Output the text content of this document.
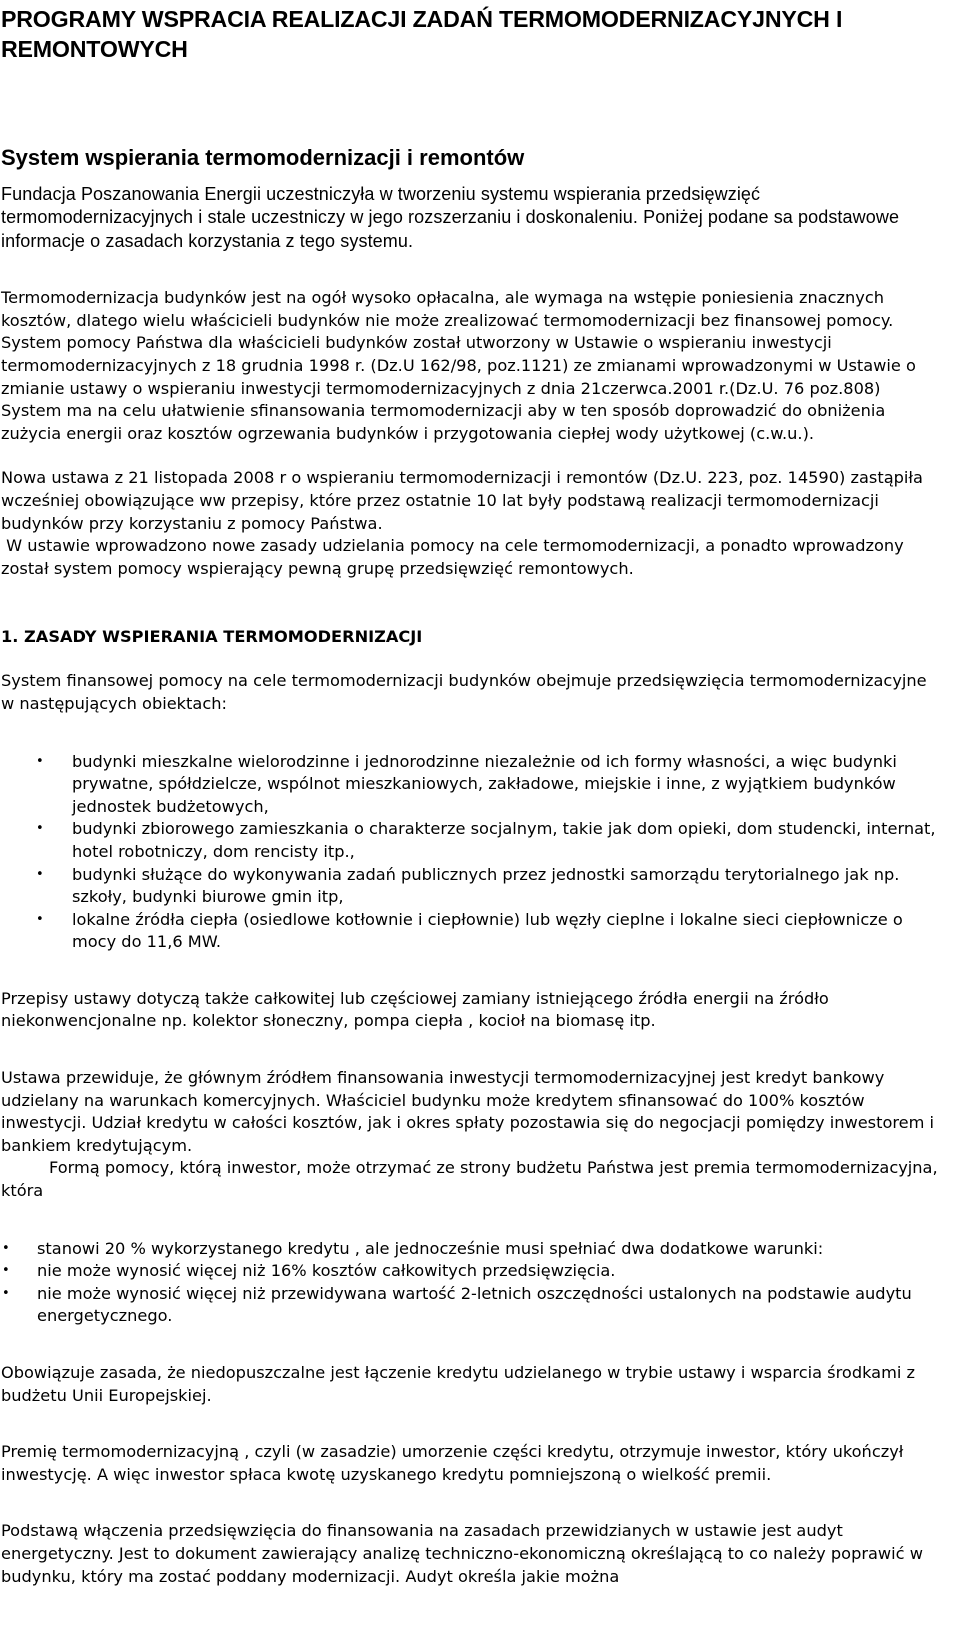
PROGRAMY WSPRACIA REALIZACJI ZADAŃ TERMOMODERNIZACYJNYCH I REMONTOWYCH
System wspierania termomodernizacji i remontów

Fundacja Poszanowania Energii uczestniczyła w tworzeniu systemu wspierania przedsięwzięć termomodernizacyjnych i stale uczestniczy w jego rozszerzaniu i doskonaleniu. Poniżej podane sa podstawowe informacje o zasadach korzystania z tego systemu.

Termomodernizacja budynków jest na ogół wysoko opłacalna, ale wymaga na wstępie poniesienia znacznych kosztów, dlatego wielu właścicieli budynków nie może zrealizować termomodernizacji bez finansowej pomocy. System pomocy Państwa dla właścicieli budynków został utworzony w Ustawie o wspieraniu inwestycji termomodernizacyjnych z 18 grudnia 1998 r. (Dz.U 162/98, poz.1121) ze zmianami wprowadzonymi w Ustawie o zmianie ustawy o wspieraniu inwestycji termomodernizacyjnych z dnia 21czerwca.2001 r.(Dz.U. 76 poz.808) System ma na celu ułatwienie sfinansowania termomodernizacji aby w ten sposób doprowadzić do obniżenia zużycia energii oraz kosztów ogrzewania budynków i przygotowania ciepłej wody użytkowej (c.w.u.).

Nowa ustawa z 21 listopada 2008 r o wspieraniu termomodernizacji i remontów (Dz.U. 223, poz. 14590) zastąpiła wcześniej obowiązujące ww przepisy, które przez ostatnie 10 lat były podstawą realizacji termomodernizacji budynków przy korzystaniu z pomocy Państwa.

W ustawie wprowadzono nowe zasady udzielania pomocy na cele termomodernizacji, a ponadto wprowadzony został system pomocy wspierający pewną grupę przedsięwzięć remontowych.

1. ZASADY WSPIERANIA TERMOMODERNIZACJI

System finansowej pomocy na cele termomodernizacji budynków obejmuje przedsięwzięcia termomodernizacyjne w następujących obiektach:

• budynki mieszkalne wielorodzinne i jednorodzinne niezależnie od ich formy własności, a więc budynki prywatne, spółdzielcze, wspólnot mieszkaniowych, zakładowe, miejskie i inne, z wyjątkiem budynków jednostek budżetowych,
• budynki zbiorowego zamieszkania o charakterze socjalnym, takie jak dom opieki, dom studencki, internat, hotel robotniczy, dom rencisty itp.,
• budynki służące do wykonywania zadań publicznych przez jednostki samorządu terytorialnego jak np. szkoły, budynki biurowe gmin itp,
• lokalne źródła ciepła (osiedlowe kotłownie i ciepłownie) lub węzły cieplne i lokalne sieci ciepłownicze o mocy do 11,6 MW.

Przepisy ustawy dotyczą także całkowitej lub częściowej zamiany istniejącego źródła energii na źródło niekonwencjonalne np. kolektor słoneczny, pompa ciepła , kocioł na biomasę itp.

Ustawa przewiduje, że głównym źródłem finansowania inwestycji termomodernizacyjnej jest kredyt bankowy udzielany na warunkach komercyjnych. Właściciel budynku może kredytem sfinansować do 100% kosztów inwestycji. Udział kredytu w całości kosztów, jak i okres spłaty pozostawia się do negocjacji pomiędzy inwestorem i bankiem kredytującym.

Formą pomocy, którą inwestor, może otrzymać ze strony budżetu Państwa jest premia termomodernizacyjna, która

• stanowi 20 % wykorzystanego kredytu , ale jednocześnie musi spełniać dwa dodatkowe warunki:
• nie może wynosić więcej niż 16% kosztów całkowitych przedsięwzięcia.
• nie może wynosić więcej niż przewidywana wartość 2-letnich oszczędności ustalonych na podstawie audytu energetycznego.

Obowiązuje zasada, że niedopuszczalne jest łączenie kredytu udzielanego w trybie ustawy i wsparcia środkami z budżetu Unii Europejskiej.

Premię termomodernizacyjną , czyli (w zasadzie) umorzenie części kredytu, otrzymuje inwestor, który ukończył inwestycję. A więc inwestor spłaca kwotę uzyskanego kredytu pomniejszoną o wielkość premii.

Podstawą włączenia przedsięwzięcia do finansowania na zasadach przewidzianych w ustawie jest audyt energetyczny. Jest to dokument zawierający analizę techniczno-ekonomiczną określającą to co należy poprawić w budynku, który ma zostać poddany modernizacji. Audyt określa jakie można
